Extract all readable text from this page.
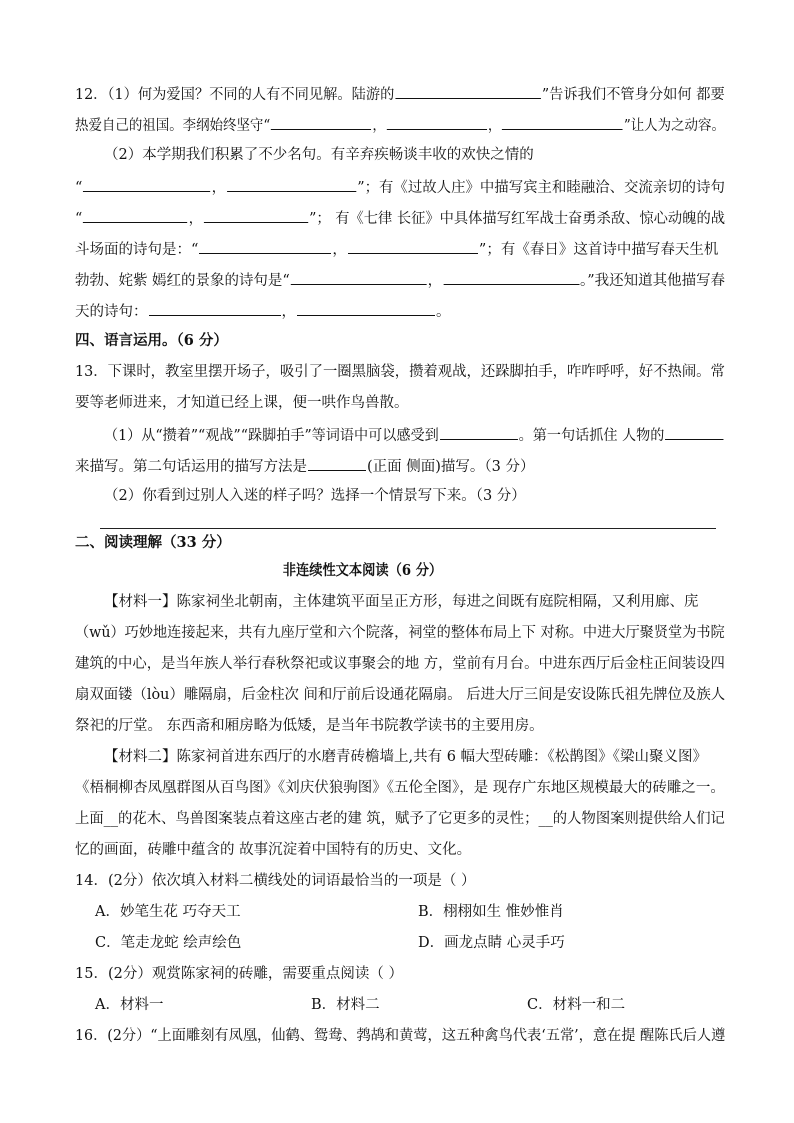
12．（1）何为爱国？不同的人有不同见解。陆游的	”告诉我们不管身分如何 都要
热爱自己的祖国。李纲始终坚守“	，	，	”让人为之动容。
（2）本学期我们积累了不少名句。有辛弃疾畅谈丰收的欢快之情的
“	，	”；有《过故人庄》中描写宾主和睦融洽、交流亲切的诗句
“	，	”； 有《七律 长征》中具体描写红军战士奋勇杀敌、惊心动魄的战
斗场面的诗句是：“	，	”；有《春日》这首诗中描写春天生机
勃勃、姹紫 嫣红的景象的诗句是“	，	。”我还知道其他描写春
天的诗句：	，	。
四、语言运用。（6 分）
13．下课时，教室里摆开场子，吸引了一圈黑脑袋，攒着观战，还跺脚拍手，咋咋呼呼，好不热闹。常
要等老师进来，才知道已经上课，便一哄作鸟兽散。
（1）从“攒着”“观战”“跺脚拍手”等词语中可以感受到	。第一句话抓住 人物的
来描写。第二句话运用的描写方法是	(正面 侧面)描写。（3 分）
（2）你看到过别人入迷的样子吗？选择一个情景写下来。（3 分）
二、阅读理解（33 分）
非连续性文本阅读（6 分）
【材料一】陈家祠坐北朝南，主体建筑平面呈正方形，每进之间既有庭院相隔，又利用廊、庑
（wǔ）巧妙地连接起来，共有九座厅堂和六个院落，祠堂的整体布局上下 对称。中进大厅聚贤堂为书院
建筑的中心，是当年族人举行春秋祭祀或议事聚会的地 方，堂前有月台。中进东西厅后金柱正间装设四
扇双面镂（lòu）雕隔扇，后金柱次 间和厅前后设通花隔扇。 后进大厅三间是安设陈氏祖先牌位及族人
祭祀的厅堂。 东西斋和厢房略为低矮，是当年书院教学读书的主要用房。
【材料二】陈家祠首进东西厅的水磨青砖檐墙上,共有 6 幅大型砖雕：《松鹊图》《梁山聚义图》
《梧桐柳杏凤凰群图从百鸟图》《刘庆伏狼驹图》《五伦全图》，是 现存广东地区规模最大的砖雕之一。
上面__的花木、鸟兽图案装点着这座古老的建 筑，赋予了它更多的灵性；__的人物图案则提供给人们记
忆的画面，砖雕中蕴含的 故事沉淀着中国特有的历史、文化。
14．(2分）依次填入材料二横线处的词语最恰当的一项是（ ）
A．妙笔生花 巧夺天工	B．栩栩如生 惟妙惟肖
C．笔走龙蛇 绘声绘色	D．画龙点睛 心灵手巧
15．(2分）观赏陈家祠的砖雕，需要重点阅读（ ）
A．材料一	B．材料二	C．材料一和二
16．(2分）“上面雕刻有凤凰，仙鹤、鸳鸯、鹁鸪和黄莺，这五种禽鸟代表‘五常’，意在提 醒陈氏后人遵
